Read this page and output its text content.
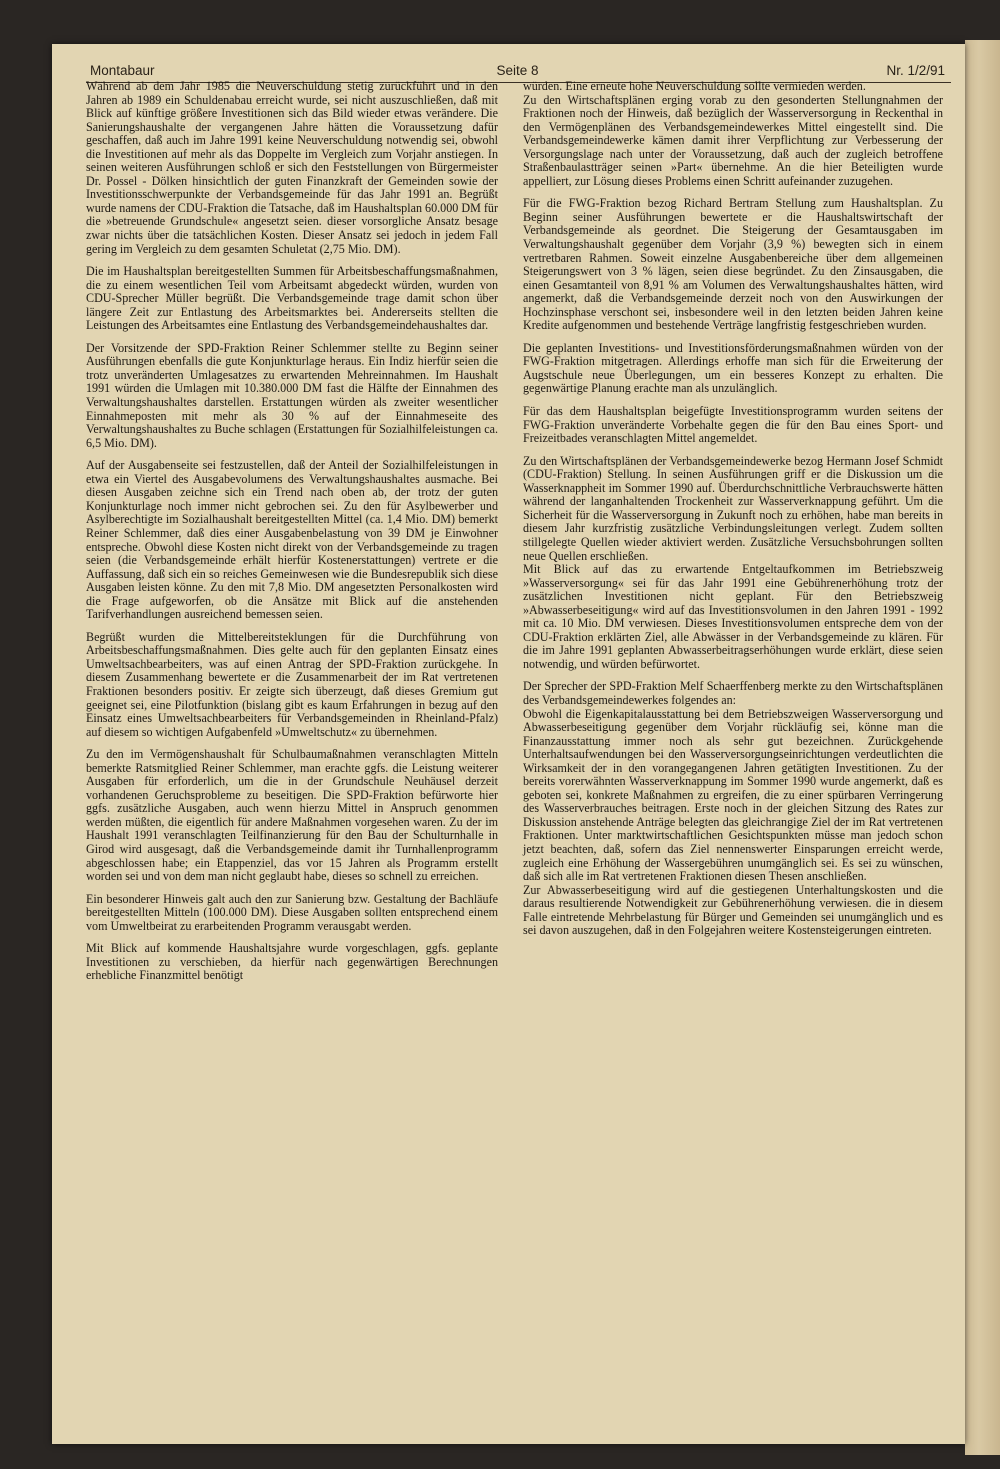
Montabaur	Seite 8	Nr. 1/2/91

Während ab dem Jahr 1985 die Neuverschuldung stetig zurückführt und in den Jahren ab 1989 ein Schuldenabau erreicht wurde, sei nicht auszuschließen, daß mit Blick auf künftige größere Investitionen sich das Bild wieder etwas verändere. Die Sanierungshaushalte der vergangenen Jahre hätten die Voraussetzung dafür geschaffen, daß auch im Jahre 1991 keine Neuverschuldung notwendig sei, obwohl die Investitionen auf mehr als das Doppelte im Vergleich zum Vorjahr anstiegen. In seinen weiteren Ausführungen schloß er sich den Feststellungen von Bürgermeister Dr. Possel - Dölken hinsichtlich der guten Finanzkraft der Gemeinden sowie der Investitionsschwerpunkte der Verbandsgemeinde für das Jahr 1991 an. Begrüßt wurde namens der CDU-Fraktion die Tatsache, daß im Haushaltsplan 60.000 DM für die »betreuende Grundschule« angesetzt seien. dieser vorsorgliche Ansatz besage zwar nichts über die tatsächlichen Kosten. Dieser Ansatz sei jedoch in jedem Fall gering im Vergleich zu dem gesamten Schuletat (2,75 Mio. DM).

Die im Haushaltsplan bereitgestellten Summen für Arbeitsbeschaffungsmaßnahmen, die zu einem wesentlichen Teil vom Arbeitsamt abgedeckt würden, wurden von CDU-Sprecher Müller begrüßt. Die Verbandsgemeinde trage damit schon über längere Zeit zur Entlastung des Arbeitsmarktes bei. Andererseits stellten die Leistungen des Arbeitsamtes eine Entlastung des Verbandsgemeindehaushaltes dar.

Der Vorsitzende der SPD-Fraktion Reiner Schlemmer stellte zu Beginn seiner Ausführungen ebenfalls die gute Konjunkturlage heraus. Ein Indiz hierfür seien die trotz unveränderten Umlagesatzes zu erwartenden Mehreinnahmen. Im Haushalt 1991 würden die Umlagen mit 10.380.000 DM fast die Hälfte der Einnahmen des Verwaltungshaushaltes darstellen. Erstattungen würden als zweiter wesentlicher Einnahmeposten mit mehr als 30 % auf der Einnahmeseite des Verwaltungshaushaltes zu Buche schlagen (Erstattungen für Sozialhilfeleistungen ca. 6,5 Mio. DM).

Auf der Ausgabenseite sei festzustellen, daß der Anteil der Sozialhilfeleistungen in etwa ein Viertel des Ausgabevolumens des Verwaltungshaushaltes ausmache. Bei diesen Ausgaben zeichne sich ein Trend nach oben ab, der trotz der guten Konjunkturlage noch immer nicht gebrochen sei. Zu den für Asylbewerber und Asylberechtigte im Sozialhaushalt bereitgestellten Mittel (ca. 1,4 Mio. DM) bemerkt Reiner Schlemmer, daß dies einer Ausgabenbelastung von 39 DM je Einwohner entspreche. Obwohl diese Kosten nicht direkt von der Verbandsgemeinde zu tragen seien (die Verbandsgemeinde erhält hierfür Kostenerstattungen) vertrete er die Auffassung, daß sich ein so reiches Gemeinwesen wie die Bundesrepublik sich diese Ausgaben leisten könne. Zu den mit 7,8 Mio. DM angesetzten Personalkosten wird die Frage aufgeworfen, ob die Ansätze mit Blick auf die anstehenden Tarifverhandlungen ausreichend bemessen seien.

Begrüßt wurden die Mittelbereitsteklungen für die Durchführung von Arbeitsbeschaffungsmaßnahmen. Dies gelte auch für den geplanten Einsatz eines Umweltsachbearbeiters, was auf einen Antrag der SPD-Fraktion zurückgehe. In diesem Zusammenhang bewertete er die Zusammenarbeit der im Rat vertretenen Fraktionen besonders positiv. Er zeigte sich überzeugt, daß dieses Gremium gut geeignet sei, eine Pilotfunktion (bislang gibt es kaum Erfahrungen in bezug auf den Einsatz eines Umweltsachbearbeiters für Verbandsgemeinden in Rheinland-Pfalz) auf diesem so wichtigen Aufgabenfeld »Umweltschutz« zu übernehmen.

Zu den im Vermögenshaushalt für Schulbaumaßnahmen veranschlagten Mitteln bemerkte Ratsmitglied Reiner Schlemmer, man erachte ggfs. die Leistung weiterer Ausgaben für erforderlich, um die in der Grundschule Neuhäusel derzeit vorhandenen Geruchsprobleme zu beseitigen. Die SPD-Fraktion befürworte hier ggfs. zusätzliche Ausgaben, auch wenn hierzu Mittel in Anspruch genommen werden müßten, die eigentlich für andere Maßnahmen vorgesehen waren. Zu der im Haushalt 1991 veranschlagten Teilfinanzierung für den Bau der Schulturnhalle in Girod wird ausgesagt, daß die Verbandsgemeinde damit ihr Turnhallenprogramm abgeschlossen habe; ein Etappenziel, das vor 15 Jahren als Programm erstellt worden sei und von dem man nicht geglaubt habe, dieses so schnell zu erreichen.

Ein besonderer Hinweis galt auch den zur Sanierung bzw. Gestaltung der Bachläufe bereitgestellten Mitteln (100.000 DM). Diese Ausgaben sollten entsprechend einem vom Umweltbeirat zu erarbeitenden Programm verausgabt werden.

Mit Blick auf kommende Haushaltsjahre wurde vorgeschlagen, ggfs. geplante Investitionen zu verschieben, da hierfür nach gegenwärtigen Berechnungen erhebliche Finanzmittel benötigt

würden. Eine erneute hohe Neuverschuldung sollte vermieden werden.

Zu den Wirtschaftsplänen erging vorab zu den gesonderten Stellungnahmen der Fraktionen noch der Hinweis, daß bezüglich der Wasserversorgung in Reckenthal in den Vermögenplänen des Verbandsgemeindewerkes Mittel eingestellt sind. Die Verbandsgemeindewerke kämen damit ihrer Verpflichtung zur Verbesserung der Versorgungslage nach unter der Voraussetzung, daß auch der zugleich betroffene Straßenbaulastträger seinen »Part« übernehme. An die hier Beteiligten wurde appelliert, zur Lösung dieses Problems einen Schritt aufeinander zuzugehen.

Für die FWG-Fraktion bezog Richard Bertram Stellung zum Haushaltsplan. Zu Beginn seiner Ausführungen bewertete er die Haushaltswirtschaft der Verbandsgemeinde als geordnet. Die Steigerung der Gesamtausgaben im Verwaltungshaushalt gegenüber dem Vorjahr (3,9 %) bewegten sich in einem vertretbaren Rahmen. Soweit einzelne Ausgabenbereiche über dem allgemeinen Steigerungswert von 3 % lägen, seien diese begründet. Zu den Zinsausgaben, die einen Gesamtanteil von 8,91 % am Volumen des Verwaltungshaushaltes hätten, wird angemerkt, daß die Verbandsgemeinde derzeit noch von den Auswirkungen der Hochzinsphase verschont sei, insbesondere weil in den letzten beiden Jahren keine Kredite aufgenommen und bestehende Verträge langfristig festgeschrieben wurden.

Die geplanten Investitions- und Investitionsförderungsmaßnahmen würden von der FWG-Fraktion mitgetragen. Allerdings erhoffe man sich für die Erweiterung der Augstschule neue Überlegungen, um ein besseres Konzept zu erhalten. Die gegenwärtige Planung erachte man als unzulänglich.

Für das dem Haushaltsplan beigefügte Investitionsprogramm wurden seitens der FWG-Fraktion unveränderte Vorbehalte gegen die für den Bau eines Sport- und Freizeitbades veranschlagten Mittel angemeldet.

Zu den Wirtschaftsplänen der Verbandsgemeindewerke bezog Hermann Josef Schmidt (CDU-Fraktion) Stellung. In seinen Ausführungen griff er die Diskussion um die Wasserknappheit im Sommer 1990 auf. Überdurchschnittliche Verbrauchswerte hätten während der langanhaltenden Trockenheit zur Wasserverknappung geführt. Um die Sicherheit für die Wasserversorgung in Zukunft noch zu erhöhen, habe man bereits in diesem Jahr kurzfristig zusätzliche Verbindungsleitungen verlegt. Zudem sollten stillgelegte Quellen wieder aktiviert werden. Zusätzliche Versuchsbohrungen sollten neue Quellen erschließen.

Mit Blick auf das zu erwartende Entgeltaufkommen im Betriebszweig »Wasserversorgung« sei für das Jahr 1991 eine Gebührenerhöhung trotz der zusätzlichen Investitionen nicht geplant. Für den Betriebszweig »Abwasserbeseitigung« wird auf das Investitionsvolumen in den Jahren 1991 - 1992 mit ca. 10 Mio. DM verwiesen. Dieses Investitionsvolumen entspreche dem von der CDU-Fraktion erklärten Ziel, alle Abwässer in der Verbandsgemeinde zu klären. Für die im Jahre 1991 geplanten Abwasserbeitragserhöhungen wurde erklärt, diese seien notwendig, und würden befürwortet.

Der Sprecher der SPD-Fraktion Melf Schaerffenberg merkte zu den Wirtschaftsplänen des Verbandsgemeindewerkes folgendes an:

Obwohl die Eigenkapitalausstattung bei dem Betriebszweigen Wasserversorgung und Abwasserbeseitigung gegenüber dem Vorjahr rückläufig sei, könne man die Finanzausstattung immer noch als sehr gut bezeichnen. Zurückgehende Unterhaltsaufwendungen bei den Wasserversorgungseinrichtungen verdeutlichten die Wirksamkeit der in den vorangegangenen Jahren getätigten Investitionen. Zu der bereits vorerwähnten Wasserverknappung im Sommer 1990 wurde angemerkt, daß es geboten sei, konkrete Maßnahmen zu ergreifen, die zu einer spürbaren Verringerung des Wasserverbrauches beitragen. Erste noch in der gleichen Sitzung des Rates zur Diskussion anstehende Anträge belegten das gleichrangige Ziel der im Rat vertretenen Fraktionen. Unter marktwirtschaftlichen Gesichtspunkten müsse man jedoch schon jetzt beachten, daß, sofern das Ziel nennenswerter Einsparungen erreicht werde, zugleich eine Erhöhung der Wassergebühren unumgänglich sei. Es sei zu wünschen, daß sich alle im Rat vertretenen Fraktionen diesen Thesen anschließen.

Zur Abwasserbeseitigung wird auf die gestiegenen Unterhaltungskosten und die daraus resultierende Notwendigkeit zur Gebührenerhöhung verwiesen. die in diesem Falle eintretende Mehrbelastung für Bürger und Gemeinden sei unumgänglich und es sei davon auszugehen, daß in den Folgejahren weitere Kostensteigerungen eintreten.
